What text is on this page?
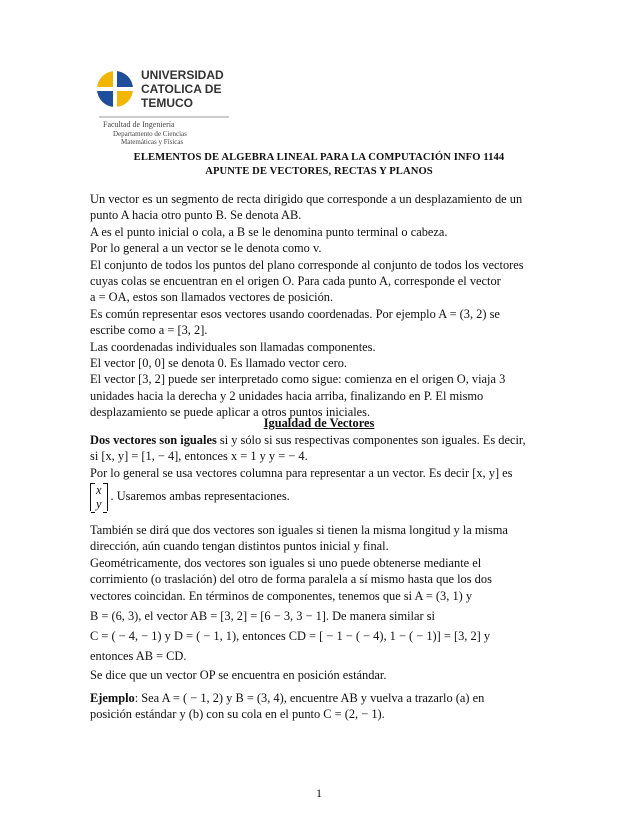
UNIVERSIDAD
CATOLICA DE
TEMUCO
Facultad de Ingeniería
Departamento de Ciencias
Matemáticas y Físicas
ELEMENTOS DE ALGEBRA LINEAL PARA LA COMPUTACIÓN INFO 1144
APUNTE DE VECTORES, RECTAS Y PLANOS

Un vector es un segmento de recta dirigido que corresponde a un desplazamiento de un

punto A hacia otro punto B. Se denota AB.

A es el punto inicial o cola, a B se le denomina punto terminal o cabeza.

Por lo general a un vector se le denota como v.

El conjunto de todos los puntos del plano corresponde al conjunto de todos los vectores

cuyas colas se encuentran en el origen O. Para cada punto A, corresponde el vector

a = OA, estos son llamados vectores de posición.

Es común representar esos vectores usando coordenadas. Por ejemplo A = (3, 2) se

escribe como a = [3, 2].

Las coordenadas individuales son llamadas componentes.

El vector [0, 0] se denota 0. Es llamado vector cero.

El vector [3, 2] puede ser interpretado como sigue: comienza en el origen O, viaja 3

unidades hacia la derecha y 2 unidades hacia arriba, finalizando en P. El mismo

desplazamiento se puede aplicar a otros puntos iniciales.

Igualdad de Vectores

Dos vectores son iguales si y sólo si sus respectivas componentes son iguales. Es decir,

si [x, y] = [1, − 4], entonces x = 1 y y = − 4.

Por lo general se usa vectores columna para representar a un vector. Es decir [x, y] es

x
y. Usaremos ambas representaciones.

También se dirá que dos vectores son iguales si tienen la misma longitud y la misma

dirección, aún cuando tengan distintos puntos inicial y final.

Geométricamente, dos vectores son iguales si uno puede obtenerse mediante el

corrimiento (o traslación) del otro de forma paralela a sí mismo hasta que los dos

vectores coincidan. En términos de componentes, tenemos que si A = (3, 1) y

B = (6, 3), el vector AB = [3, 2] = [6 − 3, 3 − 1]. De manera similar si

C = ( − 4, − 1) y D = ( − 1, 1), entonces CD = [ − 1 − ( − 4), 1 − ( − 1)] = [3, 2] y

entonces AB = CD.

Se dice que un vector OP se encuentra en posición estándar.

Ejemplo: Sea A = ( − 1, 2) y B = (3, 4), encuentre AB y vuelva a trazarlo (a) en

posición estándar y (b) con su cola en el punto C = (2, − 1).

1
